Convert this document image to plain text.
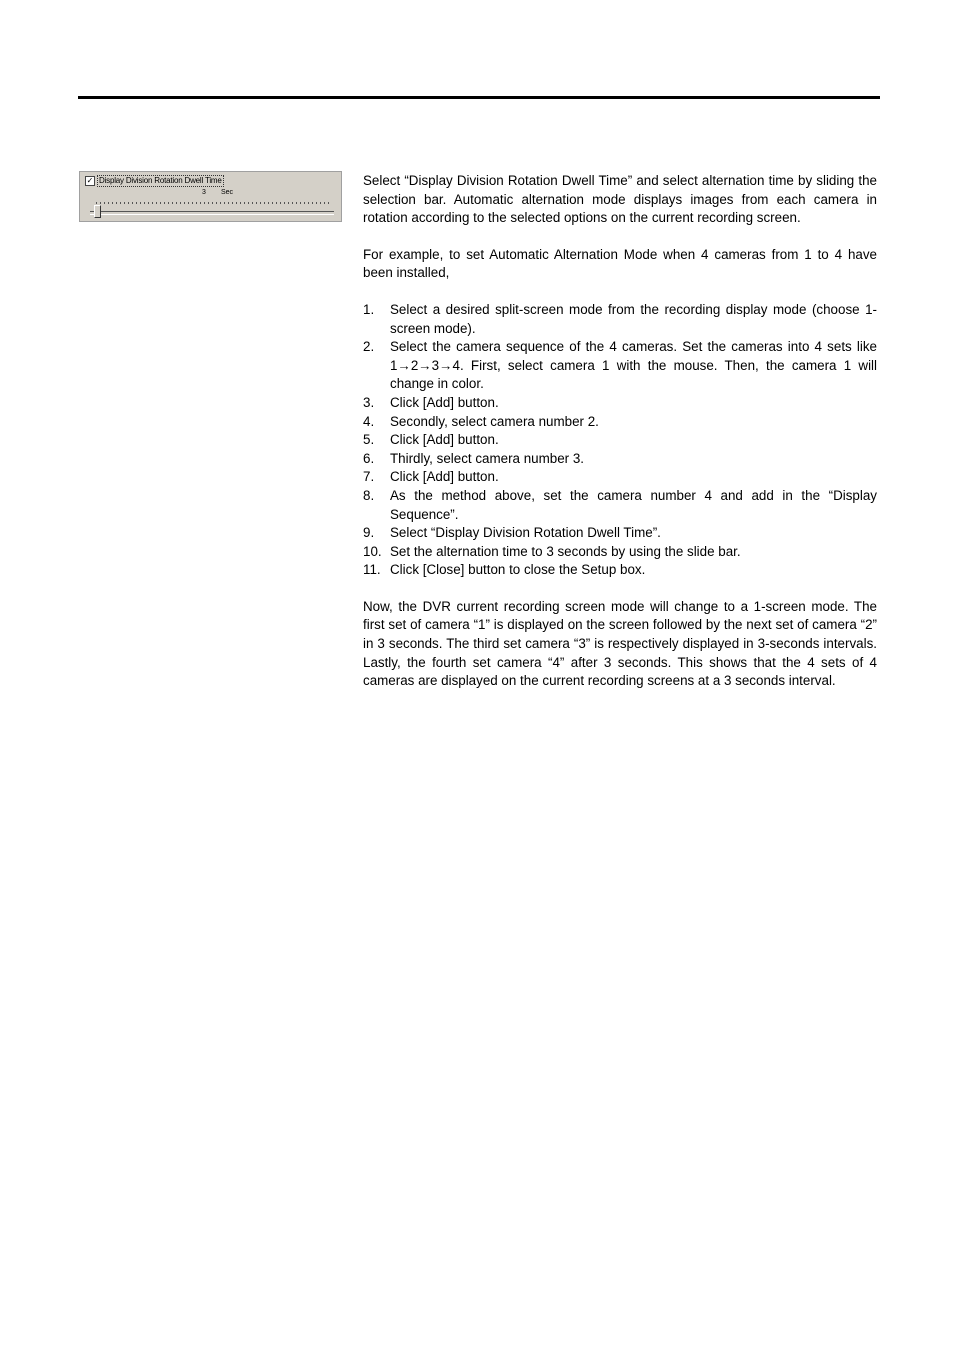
✓ Display Division Rotation Dwell Time
3 Sec

Select “Display Division Rotation Dwell Time” and select alternation time by sliding the selection bar. Automatic alternation mode displays images from each camera in rotation according to the selected options on the current recording screen.

For example, to set Automatic Alternation Mode when 4 cameras from 1 to 4 have been installed,

1. Select a desired split-screen mode from the recording display mode (choose 1-screen mode).
2. Select the camera sequence of the 4 cameras. Set the cameras into 4 sets like 1→2→3→4. First, select camera 1 with the mouse. Then, the camera 1 will change in color.
3. Click [Add] button.
4. Secondly, select camera number 2.
5. Click [Add] button.
6. Thirdly, select camera number 3.
7. Click [Add] button.
8. As the method above, set the camera number 4 and add in the “Display Sequence”.
9. Select “Display Division Rotation Dwell Time”.
10. Set the alternation time to 3 seconds by using the slide bar.
11. Click [Close] button to close the Setup box.

Now, the DVR current recording screen mode will change to a 1-screen mode. The first set of camera “1” is displayed on the screen followed by the next set of camera “2” in 3 seconds. The third set camera “3” is respectively displayed in 3-seconds intervals. Lastly, the fourth set camera “4” after 3 seconds. This shows that the 4 sets of 4 cameras are displayed on the current recording screens at a 3 seconds interval.
